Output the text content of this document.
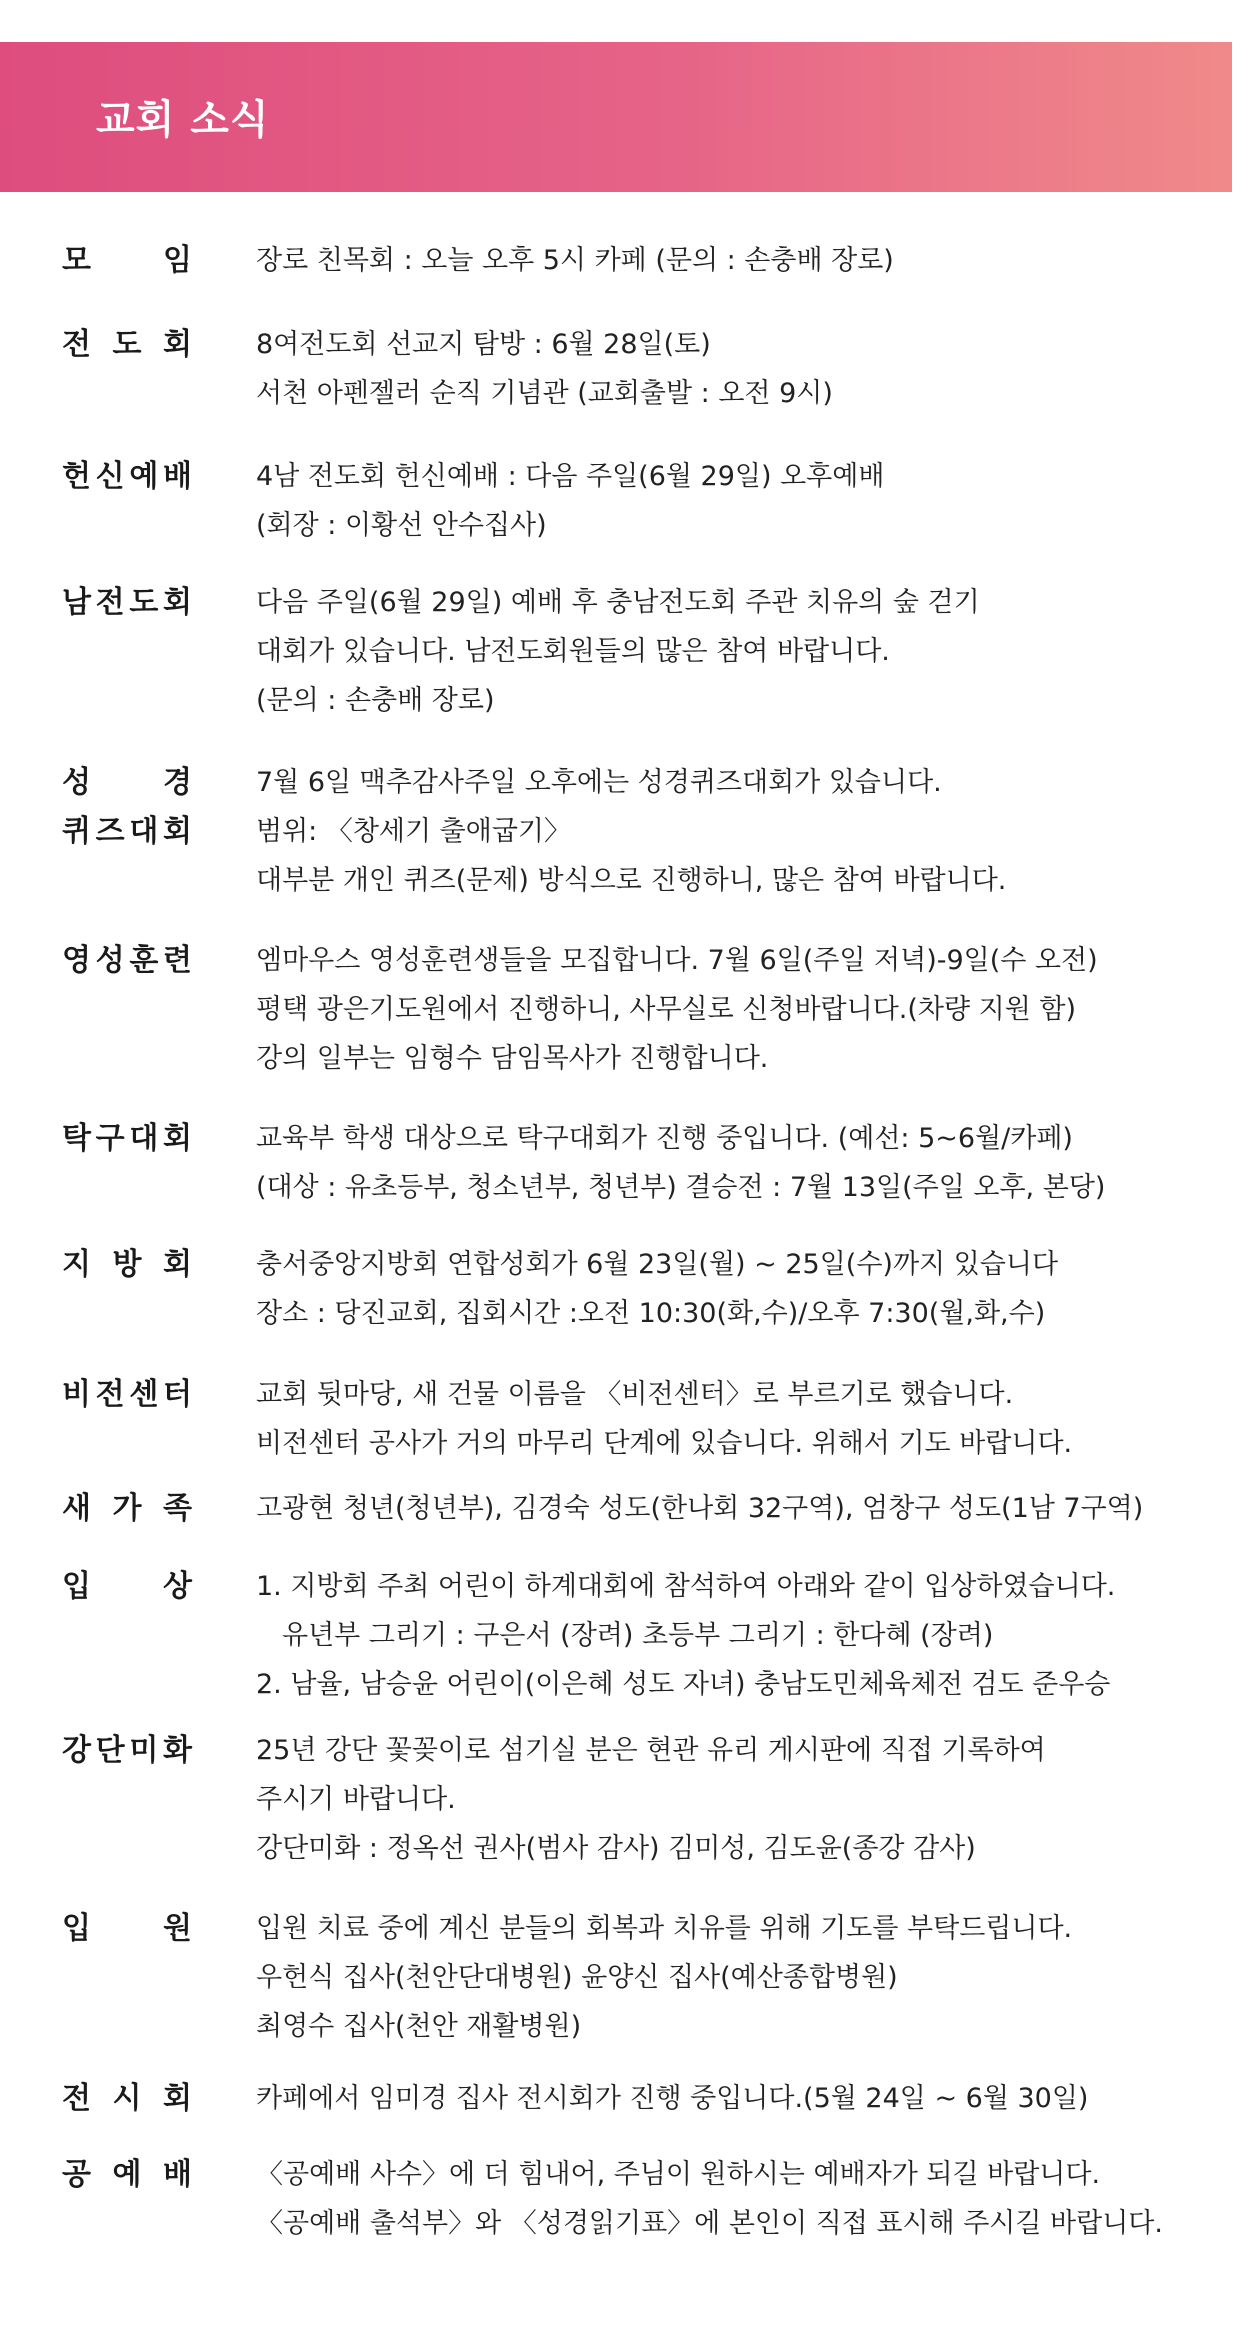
교회 소식
모 임 장로 친목회 : 오늘 오후 5시 카페 (문의 : 손충배 장로)
전 도 회 8여전도회 선교지 탐방 : 6월 28일(토)
서천 아펜젤러 순직 기념관 (교회출발 : 오전 9시)
헌 신 예 배 4남 전도회 헌신예배 : 다음 주일(6월 29일) 오후예배
(회장 : 이황선 안수집사)
남 전 도 회 다음 주일(6월 29일) 예배 후 충남전도회 주관 치유의 숲 걷기
대회가 있습니다. 남전도회원들의 많은 참여 바랍니다.
(문의 : 손충배 장로)
성 경
퀴 즈 대 회
7월 6일 맥추감사주일 오후에는 성경퀴즈대회가 있습니다.
범위: 〈창세기 출애굽기〉
대부분 개인 퀴즈(문제) 방식으로 진행하니, 많은 참여 바랍니다.
영 성 훈 련 엠마우스 영성훈련생들을 모집합니다. 7월 6일(주일 저녁)-9일(수 오전)
평택 광은기도원에서 진행하니, 사무실로 신청바랍니다.(차량 지원 함)
강의 일부는 임형수 담임목사가 진행합니다.
탁 구 대 회 교육부 학생 대상으로 탁구대회가 진행 중입니다. (예선: 5~6월/카페)
(대상 : 유초등부, 청소년부, 청년부) 결승전 : 7월 13일(주일 오후, 본당)
지 방 회 충서중앙지방회 연합성회가 6월 23일(월) ~ 25일(수)까지 있습니다
장소 : 당진교회, 집회시간 :오전 10:30(화,수)/오후 7:30(월,화,수)
비 전 센 터 교회 뒷마당, 새 건물 이름을 〈비전센터〉로 부르기로 했습니다.
비전센터 공사가 거의 마무리 단계에 있습니다. 위해서 기도 바랍니다.
새 가 족 고광현 청년(청년부), 김경숙 성도(한나회 32구역), 엄창구 성도(1남 7구역)
입 상 1. 지방회 주최 어린이 하계대회에 참석하여 아래와 같이 입상하였습니다.
유년부 그리기 : 구은서 (장려) 초등부 그리기 : 한다혜 (장려)
2. 남율, 남승윤 어린이(이은혜 성도 자녀) 충남도민체육체전 검도 준우승
강 단 미 화 25년 강단 꽃꽂이로 섬기실 분은 현관 유리 게시판에 직접 기록하여
주시기 바랍니다.
강단미화 : 정옥선 권사(범사 감사) 김미성, 김도윤(종강 감사)
입 원 입원 치료 중에 계신 분들의 회복과 치유를 위해 기도를 부탁드립니다.
우헌식 집사(천안단대병원) 윤양신 집사(예산종합병원)
최영수 집사(천안 재활병원)
전 시 회 카페에서 임미경 집사 전시회가 진행 중입니다.(5월 24일 ~ 6월 30일)
공 예 배 〈공예배 사수〉에 더 힘내어, 주님이 원하시는 예배자가 되길 바랍니다.
〈공예배 출석부〉와 〈성경읽기표〉에 본인이 직접 표시해 주시길 바랍니다.
